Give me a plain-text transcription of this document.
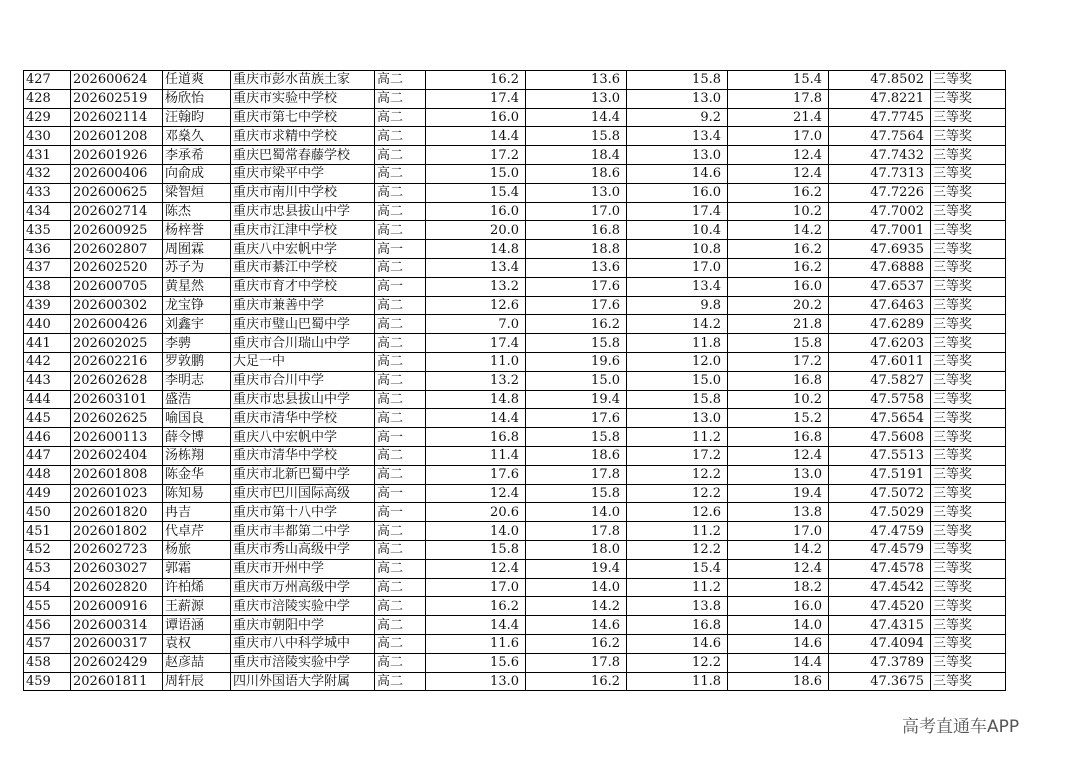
427	202600624	任道爽	重庆市彭水苗族土家	高二	16.2	13.6	15.8	15.4	47.8502	三等奖
428	202602519	杨欣怡	重庆市实验中学校	高二	17.4	13.0	13.0	17.8	47.8221	三等奖
429	202602114	汪翰昀	重庆市第七中学校	高二	16.0	14.4	9.2	21.4	47.7745	三等奖
430	202601208	邓燊久	重庆市求精中学校	高二	14.4	15.8	13.4	17.0	47.7564	三等奖
431	202601926	李承希	重庆巴蜀常春藤学校	高二	17.2	18.4	13.0	12.4	47.7432	三等奖
432	202600406	向俞成	重庆市梁平中学	高二	15.0	18.6	14.6	12.4	47.7313	三等奖
433	202600625	梁智烜	重庆市南川中学校	高二	15.4	13.0	16.0	16.2	47.7226	三等奖
434	202602714	陈杰	重庆市忠县拔山中学	高二	16.0	17.0	17.4	10.2	47.7002	三等奖
435	202600925	杨梓誉	重庆市江津中学校	高二	20.0	16.8	10.4	14.2	47.7001	三等奖
436	202602807	周囿霖	重庆八中宏帆中学	高一	14.8	18.8	10.8	16.2	47.6935	三等奖
437	202602520	苏子为	重庆市綦江中学校	高二	13.4	13.6	17.0	16.2	47.6888	三等奖
438	202600705	黄星然	重庆市育才中学校	高一	13.2	17.6	13.4	16.0	47.6537	三等奖
439	202600302	龙宝铮	重庆市兼善中学	高二	12.6	17.6	9.8	20.2	47.6463	三等奖
440	202600426	刘鑫宇	重庆市璧山巴蜀中学	高二	7.0	16.2	14.2	21.8	47.6289	三等奖
441	202602025	李骋	重庆市合川瑞山中学	高二	17.4	15.8	11.8	15.8	47.6203	三等奖
442	202602216	罗敦鹏	大足一中	高二	11.0	19.6	12.0	17.2	47.6011	三等奖
443	202602628	李明志	重庆市合川中学	高二	13.2	15.0	15.0	16.8	47.5827	三等奖
444	202603101	盛浩	重庆市忠县拔山中学	高二	14.8	19.4	15.8	10.2	47.5758	三等奖
445	202602625	喻国良	重庆市清华中学校	高二	14.4	17.6	13.0	15.2	47.5654	三等奖
446	202600113	薛令博	重庆八中宏帆中学	高一	16.8	15.8	11.2	16.8	47.5608	三等奖
447	202602404	汤栋翔	重庆市清华中学校	高二	11.4	18.6	17.2	12.4	47.5513	三等奖
448	202601808	陈金华	重庆市北新巴蜀中学	高二	17.6	17.8	12.2	13.0	47.5191	三等奖
449	202601023	陈知易	重庆市巴川国际高级	高一	12.4	15.8	12.2	19.4	47.5072	三等奖
450	202601820	冉吉	重庆市第十八中学	高一	20.6	14.0	12.6	13.8	47.5029	三等奖
451	202601802	代卓芹	重庆市丰都第二中学	高二	14.0	17.8	11.2	17.0	47.4759	三等奖
452	202602723	杨旅	重庆市秀山高级中学	高二	15.8	18.0	12.2	14.2	47.4579	三等奖
453	202603027	郭霜	重庆市开州中学	高二	12.4	19.4	15.4	12.4	47.4578	三等奖
454	202602820	许柏烯	重庆市万州高级中学	高二	17.0	14.0	11.2	18.2	47.4542	三等奖
455	202600916	王薪源	重庆市涪陵实验中学	高二	16.2	14.2	13.8	16.0	47.4520	三等奖
456	202600314	谭语涵	重庆市朝阳中学	高二	14.4	14.6	16.8	14.0	47.4315	三等奖
457	202600317	袁权	重庆市八中科学城中	高二	11.6	16.2	14.6	14.6	47.4094	三等奖
458	202602429	赵彦喆	重庆市涪陵实验中学	高二	15.6	17.8	12.2	14.4	47.3789	三等奖
459	202601811	周轩辰	四川外国语大学附属	高二	13.0	16.2	11.8	18.6	47.3675	三等奖
高考直通车APP
